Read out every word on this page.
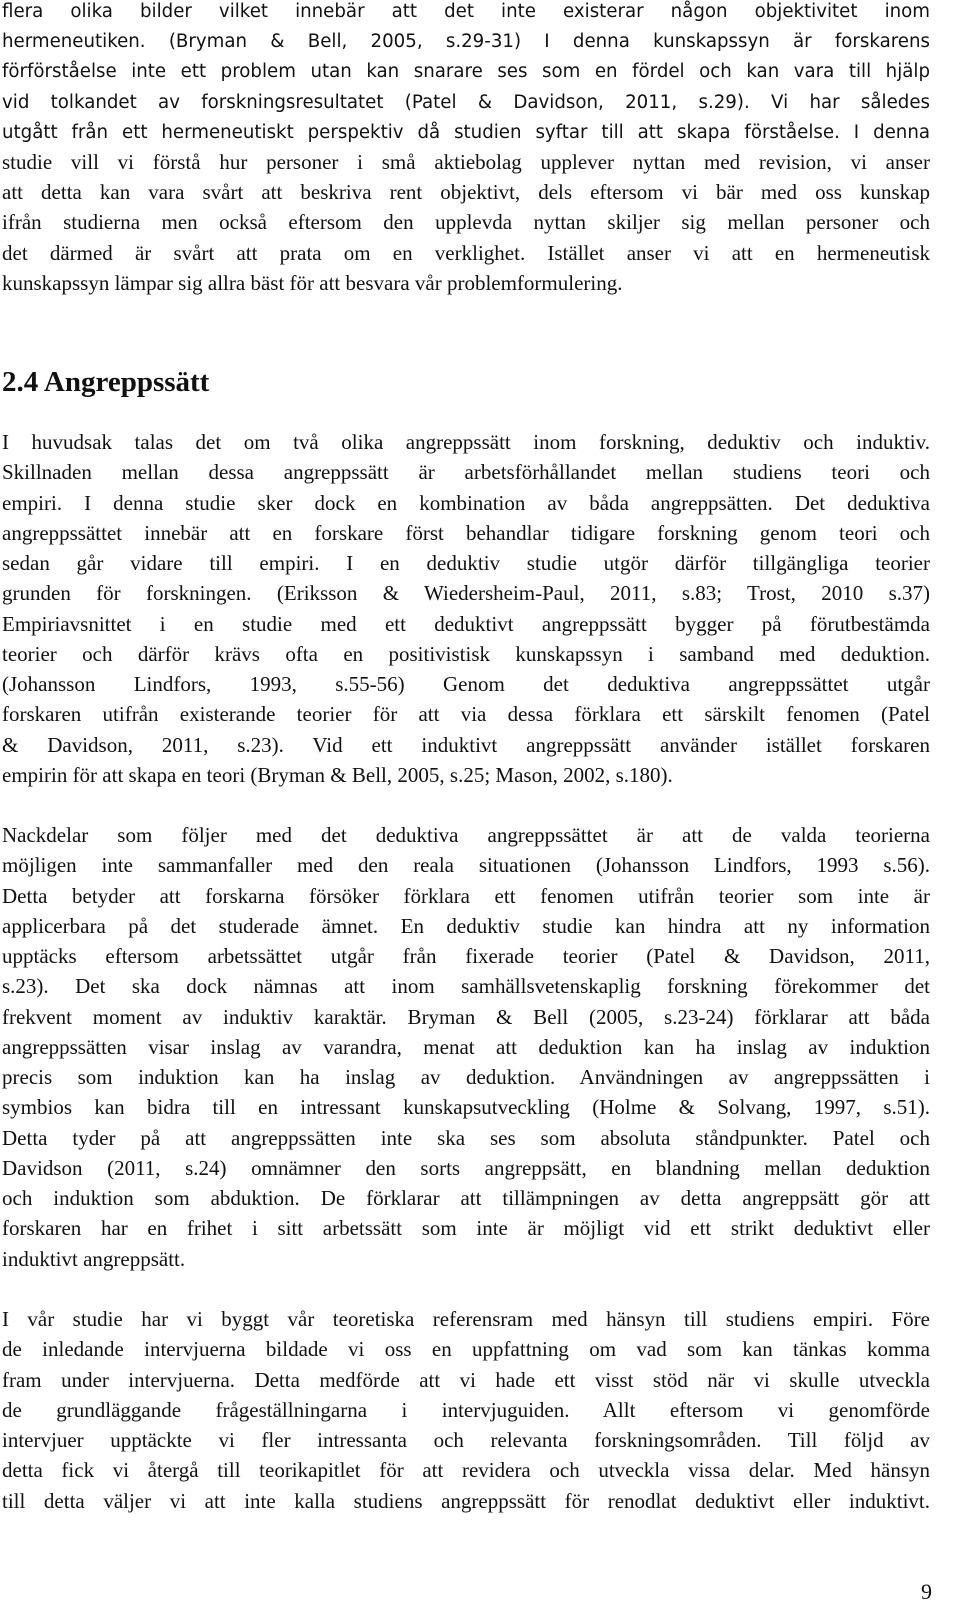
flera olika bilder vilket innebär att det inte existerar någon objektivitet inom
hermeneutiken. (Bryman & Bell, 2005, s.29-31) I denna kunskapssyn är forskarens
förförståelse inte ett problem utan kan snarare ses som en fördel och kan vara till hjälp
vid tolkandet av forskningsresultatet (Patel & Davidson, 2011, s.29). Vi har således
utgått från ett hermeneutiskt perspektiv då studien syftar till att skapa förståelse. I denna
studie vill vi förstå hur personer i små aktiebolag upplever nyttan med revision, vi anser
att detta kan vara svårt att beskriva rent objektivt, dels eftersom vi bär med oss kunskap
ifrån studierna men också eftersom den upplevda nyttan skiljer sig mellan personer och
det därmed är svårt att prata om en verklighet. Istället anser vi att en hermeneutisk
kunskapssyn lämpar sig allra bäst för att besvara vår problemformulering.
2.4 Angreppssätt
I huvudsak talas det om två olika angreppssätt inom forskning, deduktiv och induktiv.
Skillnaden mellan dessa angreppssätt är arbetsförhållandet mellan studiens teori och
empiri. I denna studie sker dock en kombination av båda angreppsätten. Det deduktiva
angreppssättet innebär att en forskare först behandlar tidigare forskning genom teori och
sedan går vidare till empiri. I en deduktiv studie utgör därför tillgängliga teorier
grunden för forskningen. (Eriksson & Wiedersheim-Paul, 2011, s.83; Trost, 2010 s.37)
Empiriavsnittet i en studie med ett deduktivt angreppssätt bygger på förutbestämda
teorier och därför krävs ofta en positivistisk kunskapssyn i samband med deduktion.
(Johansson Lindfors, 1993, s.55-56) Genom det deduktiva angreppssättet utgår
forskaren utifrån existerande teorier för att via dessa förklara ett särskilt fenomen (Patel
& Davidson, 2011, s.23). Vid ett induktivt angreppssätt använder istället forskaren
empirin för att skapa en teori (Bryman & Bell, 2005, s.25; Mason, 2002, s.180).
Nackdelar som följer med det deduktiva angreppssättet är att de valda teorierna
möjligen inte sammanfaller med den reala situationen (Johansson Lindfors, 1993 s.56).
Detta betyder att forskarna försöker förklara ett fenomen utifrån teorier som inte är
applicerbara på det studerade ämnet. En deduktiv studie kan hindra att ny information
upptäcks eftersom arbetssättet utgår från fixerade teorier (Patel & Davidson, 2011,
s.23). Det ska dock nämnas att inom samhällsvetenskaplig forskning förekommer det
frekvent moment av induktiv karaktär. Bryman & Bell (2005, s.23-24) förklarar att båda
angreppssätten visar inslag av varandra, menat att deduktion kan ha inslag av induktion
precis som induktion kan ha inslag av deduktion. Användningen av angreppssätten i
symbios kan bidra till en intressant kunskapsutveckling (Holme & Solvang, 1997, s.51).
Detta tyder på att angreppssätten inte ska ses som absoluta ståndpunkter. Patel och
Davidson (2011, s.24) omnämner den sorts angreppsätt, en blandning mellan deduktion
och induktion som abduktion. De förklarar att tillämpningen av detta angreppsätt gör att
forskaren har en frihet i sitt arbetssätt som inte är möjligt vid ett strikt deduktivt eller
induktivt angreppsätt.
I vår studie har vi byggt vår teoretiska referensram med hänsyn till studiens empiri. Före
de inledande intervjuerna bildade vi oss en uppfattning om vad som kan tänkas komma
fram under intervjuerna. Detta medförde att vi hade ett visst stöd när vi skulle utveckla
de grundläggande frågeställningarna i intervjuguiden. Allt eftersom vi genomförde
intervjuer upptäckte vi fler intressanta och relevanta forskningsområden. Till följd av
detta fick vi återgå till teorikapitlet för att revidera och utveckla vissa delar. Med hänsyn
till detta väljer vi att inte kalla studiens angreppssätt för renodlat deduktivt eller induktivt.
9
